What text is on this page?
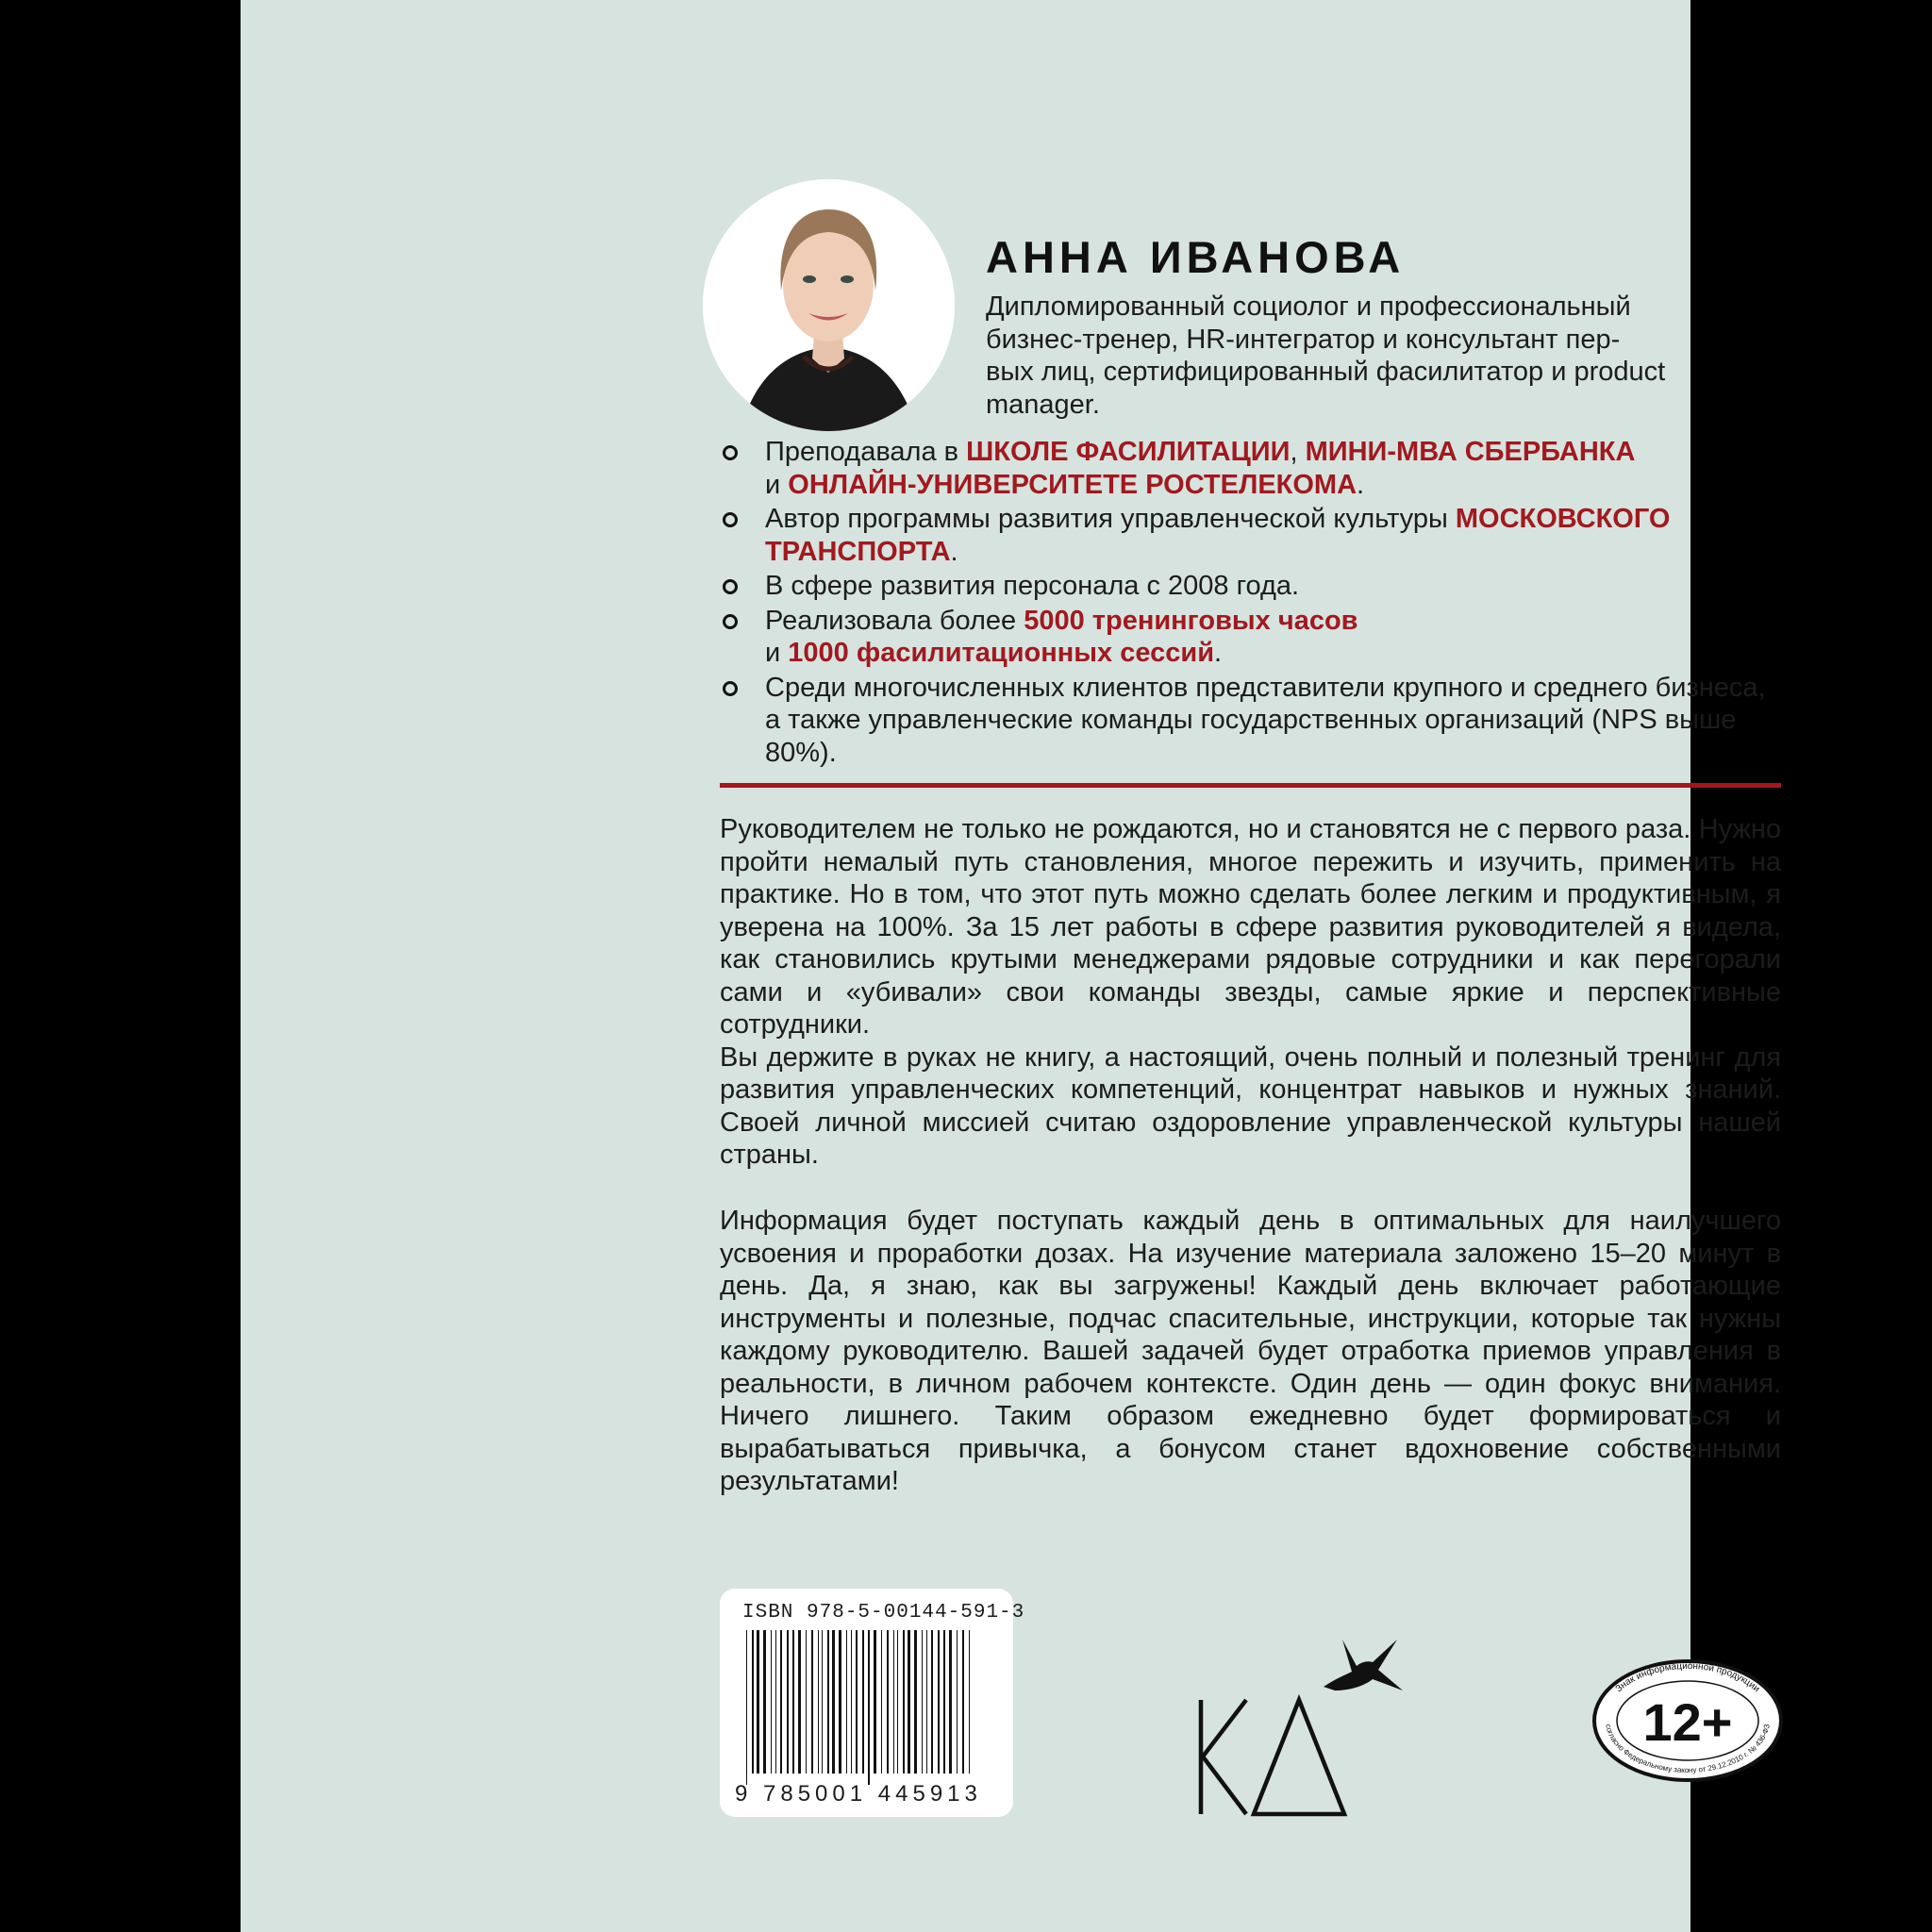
АННА ИВАНОВА
Дипломированный социолог и профессиональный
бизнес-тренер, HR-интегратор и консультант пер-
вых лиц, сертифицированный фасилитатор и product
manager.
Преподавала в ШКОЛЕ ФАСИЛИТАЦИИ, МИНИ-МВА СБЕРБАНКА
и ОНЛАЙН-УНИВЕРСИТЕТЕ РОСТЕЛЕКОМА.
Автор программы развития управленческой культуры МОСКОВСКОГО ТРАНСПОРТА.
В сфере развития персонала с 2008 года.
Реализовала более 5000 тренинговых часов
и 1000 фасилитационных сессий.
Среди многочисленных клиентов представители крупного и среднего бизнеса, а также управленческие команды государственных организаций (NPS выше 80%).

Руководителем не только не рождаются, но и становятся не с первого раза. Нужно пройти немалый путь становления, многое пережить и изучить, применить на практике. Но в том, что этот путь можно сделать более легким и продуктивным, я уверена на 100%. За 15 лет работы в сфере развития руководителей я видела, как становились крутыми менеджерами рядовые сотрудники и как перегорали сами и «убивали» свои команды звезды, самые яркие и перспективные сотрудники.

Вы держите в руках не книгу, а настоящий, очень полный и полезный тренинг для развития управленческих компетенций, концентрат навыков и нужных знаний. Своей личной миссией считаю оздоровление управленческой культуры нашей страны.

Информация будет поступать каждый день в оптимальных для наилучшего усвоения и проработки дозах. На изучение материала заложено 15–20 минут в день. Да, я знаю, как вы загружены! Каждый день включает работающие инструменты и полезные, подчас спасительные, инструкции, которые так нужны каждому руководителю. Вашей задачей будет отработка приемов управления в реальности, в личном рабочем контексте. Один день — один фокус внимания. Ничего лишнего. Таким образом ежедневно будет формироваться и вырабатываться привычка, а бонусом станет вдохновение собственными результатами!

ISBN 978-5-00144-591-3
9 785001 445913
Знак информационной продукции
согласно Федеральному закону от 29.12.2010 г. № 436-ФЗ
12+
